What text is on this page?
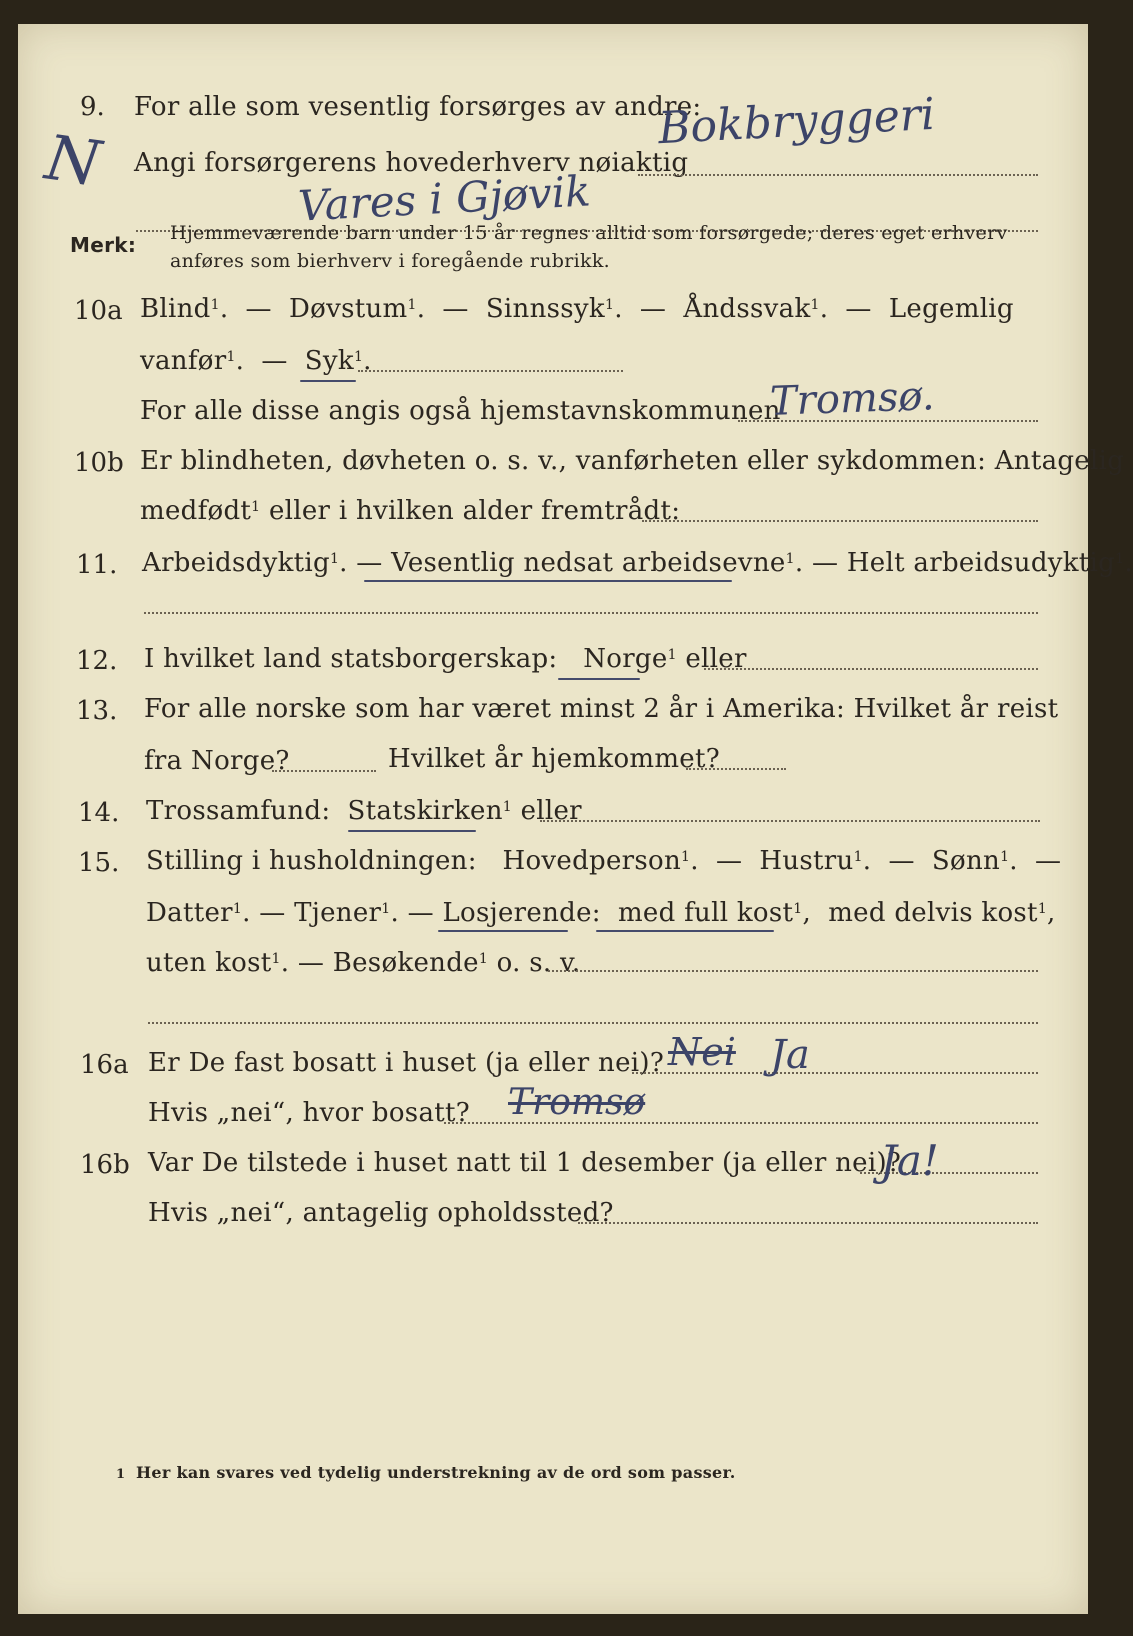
9. For alle som vesentlig forsørges av andre:
Bokbryggeri
N Angi forsørgerens hovederhverv nøiaktig
Vares i Gjøvik
Merk: Hjemmeværende barn under 15 år regnes alltid som forsørgede; deres eget erhverv
anføres som bierhverv i foregående rubrikk.
10a Blind$^1$.  —  Døvstum$^1$.  —  Sinnssyk$^1$.  —  Åndssvak$^1$.  —  Legemlig
vanfør$^1$.  —  Syk$^1$.
For alle disse angis også hjemstavnskommunen
Tromsø.
10b Er blindheten, døvheten o. s. v., vanførheten eller sykdommen: Antagelig
medfødt$^1$ eller i hvilken alder fremtrådt:
11. Arbeidsdyktig$^1$. — Vesentlig nedsat arbeidsevne$^1$. — Helt arbeidsudyktig$^1$.
12. I hvilket land statsborgerskap: Norge$^1$ eller
13. For alle norske som har været minst 2 år i Amerika: Hvilket år reist
fra Norge?	Hvilket år hjemkommet?
14. Trossamfund: Statskirken$^1$ eller
15. Stilling i husholdningen: Hovedperson$^1$.  —  Hustru$^1$.  —  Sønn$^1$.  —
Datter$^1$. — Tjener$^1$. — Losjerende: med full kost$^1$,  med delvis kost$^1$,
uten kost$^1$. — Besøkende$^1$ o. s. v.
16a Er De fast bosatt i huset (ja eller nei)? Nei Ja
Hvis „nei“, hvor bosatt? Tromsø
16b Var De tilstede i huset natt til 1 desember (ja eller nei)?
Ja!
Hvis „nei“, antagelig opholdssted?
1 Her kan svares ved tydelig understrekning av de ord som passer.
